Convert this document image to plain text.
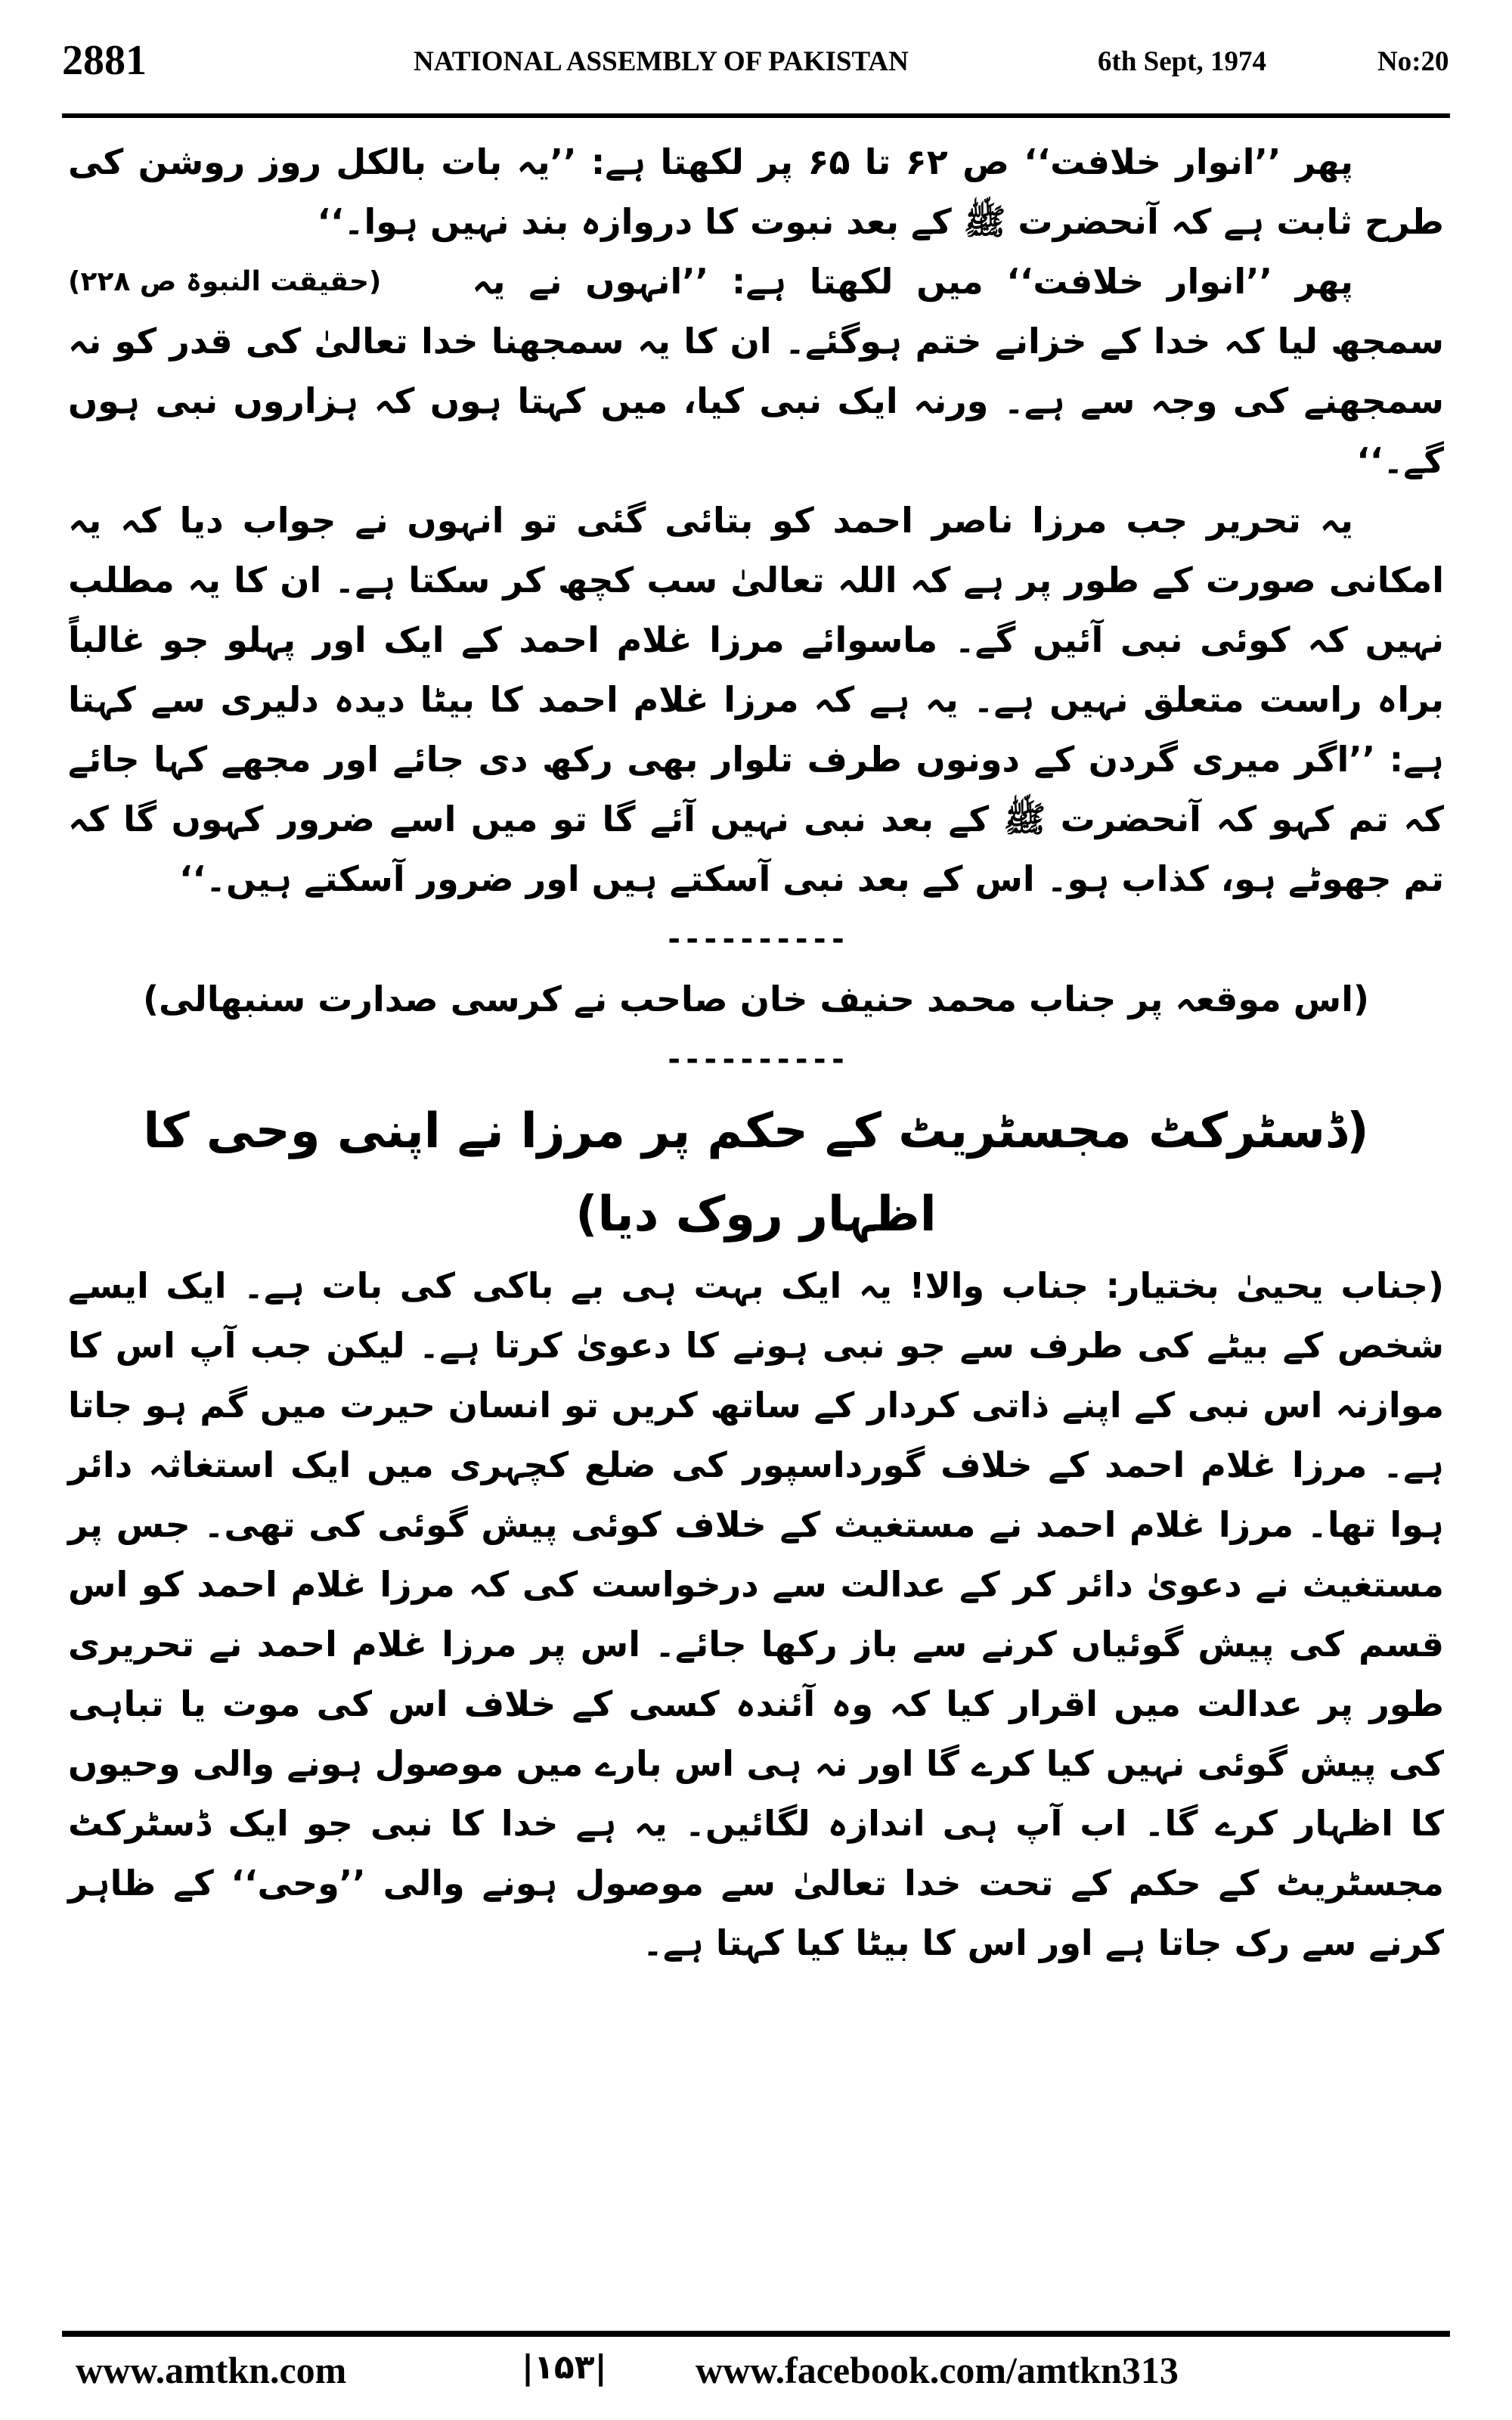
2881	NATIONAL ASSEMBLY OF PAKISTAN	6th Sept, 1974	No:20

پھر ’’انوار خلافت‘‘ ص ۶۲ تا ۶۵ پر لکھتا ہے: ’’یہ بات بالکل روز روشن کی طرح ثابت ہے کہ آنحضرت ﷺ کے بعد نبوت کا دروازہ بند نہیں ہوا۔‘‘
(حقیقت النبوۃ ص ۲۲۸)	پھر ’’انوار خلافت‘‘ میں لکھتا ہے: ’’انہوں نے یہ سمجھ لیا کہ خدا کے خزانے ختم ہوگئے۔ ان کا یہ سمجھنا خدا تعالیٰ کی قدر کو نہ سمجھنے کی وجہ سے ہے۔ ورنہ ایک نبی کیا، میں کہتا ہوں کہ ہزاروں نبی ہوں گے۔‘‘

یہ تحریر جب مرزا ناصر احمد کو بتائی گئی تو انہوں نے جواب دیا کہ یہ امکانی صورت کے طور پر ہے کہ اللہ تعالیٰ سب کچھ کر سکتا ہے۔ ان کا یہ مطلب نہیں کہ کوئی نبی آئیں گے۔ ماسوائے مرزا غلام احمد کے ایک اور پہلو جو غالباً براہ راست متعلق نہیں ہے۔ یہ ہے کہ مرزا غلام احمد کا بیٹا دیدہ دلیری سے کہتا ہے: ’’اگر میری گردن کے دونوں طرف تلوار بھی رکھ دی جائے اور مجھے کہا جائے کہ تم کہو کہ آنحضرت ﷺ کے بعد نبی نہیں آئے گا تو میں اسے ضرور کہوں گا کہ تم جھوٹے ہو، کذاب ہو۔ اس کے بعد نبی آسکتے ہیں اور ضرور آسکتے ہیں۔‘‘

----------

(اس موقعہ پر جناب محمد حنیف خان صاحب نے کرسی صدارت سنبھالی)

----------

(ڈسٹرکٹ مجسٹریٹ کے حکم پر مرزا نے اپنی وحی کا اظہار روک دیا)

(جناب یحییٰ بختیار: جناب والا! یہ ایک بہت ہی بے باکی کی بات ہے۔ ایک ایسے شخص کے بیٹے کی طرف سے جو نبی ہونے کا دعویٰ کرتا ہے۔ لیکن جب آپ اس کا موازنہ اس نبی کے اپنے ذاتی کردار کے ساتھ کریں تو انسان حیرت میں گم ہو جاتا ہے۔ مرزا غلام احمد کے خلاف گورداسپور کی ضلع کچہری میں ایک استغاثہ دائر ہوا تھا۔ مرزا غلام احمد نے مستغیث کے خلاف کوئی پیش گوئی کی تھی۔ جس پر مستغیث نے دعویٰ دائر کر کے عدالت سے درخواست کی کہ مرزا غلام احمد کو اس قسم کی پیش گوئیاں کرنے سے باز رکھا جائے۔ اس پر مرزا غلام احمد نے تحریری طور پر عدالت میں اقرار کیا کہ وہ آئندہ کسی کے خلاف اس کی موت یا تباہی کی پیش گوئی نہیں کیا کرے گا اور نہ ہی اس بارے میں موصول ہونے والی وحیوں کا اظہار کرے گا۔ اب آپ ہی اندازہ لگائیں۔ یہ ہے خدا کا نبی جو ایک ڈسٹرکٹ مجسٹریٹ کے حکم کے تحت خدا تعالیٰ سے موصول ہونے والی ’’وحی‘‘ کے ظاہر کرنے سے رک جاتا ہے اور اس کا بیٹا کیا کہتا ہے۔

www.amtkn.com	|۱۵۳| www.facebook.com/amtkn313
